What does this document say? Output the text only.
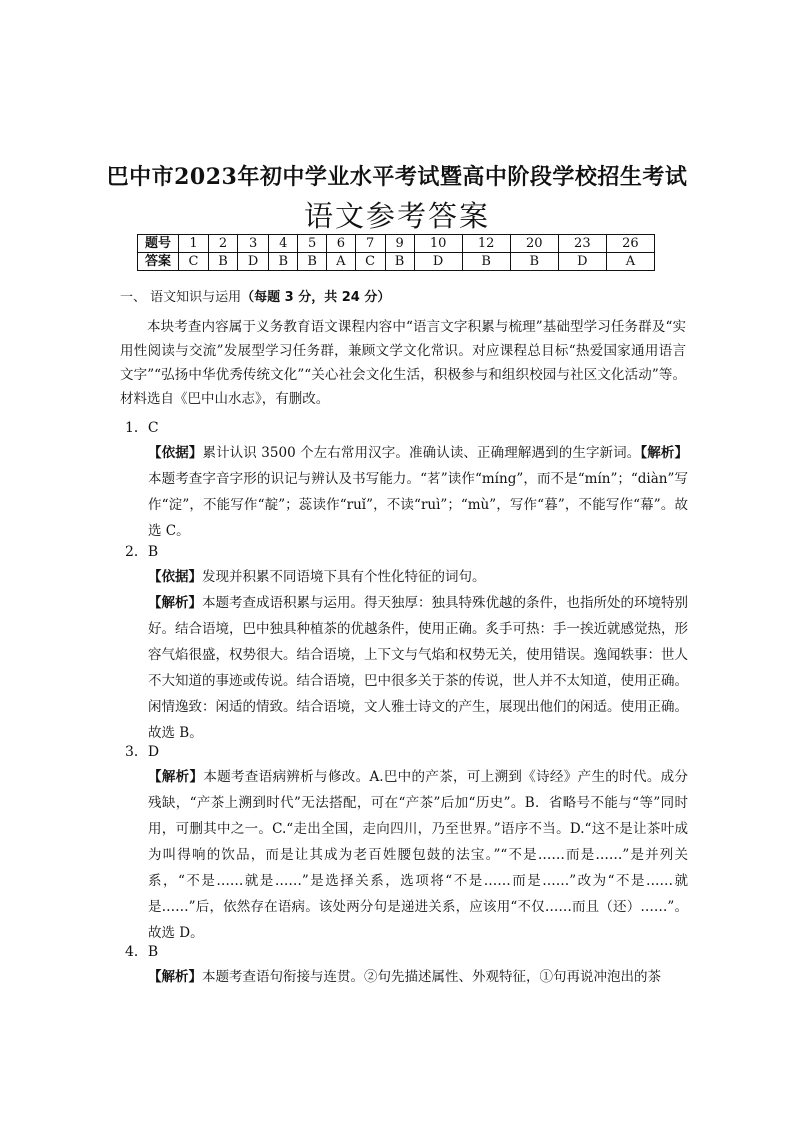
巴中市2023年初中学业水平考试暨高中阶段学校招生考试
语文参考答案
题号	1	2	3	4	5	6	7	9	10	12	20	23	26
答案	C	B	D	B	B	A	C	B	D	B	B	D	A
一、 语文知识与运用（每题 3 分，共 24 分）
本块考查内容属于义务教育语文课程内容中“语言文字积累与梳理”基础型学习任务群及“实用性阅读与交流”发展型学习任务群，兼顾文学文化常识。对应课程总目标“热爱国家通用语言文字”“弘扬中华优秀传统文化”“关心社会文化生活，积极参与和组织校园与社区文化活动”等。材料选自《巴中山水志》，有删改。
1．C
【依据】累计认识 3500 个左右常用汉字。准确认读、正确理解遇到的生字新词。【解析】本题考查字音字形的识记与辨认及书写能力。“茗”读作“míng”，而不是“mín”；“diàn”写作“淀”，不能写作“靛”；蕊读作“ruǐ”，不读“ruì”；“mù”，写作“暮”，不能写作“幕”。故选 C。
2．B
【依据】发现并积累不同语境下具有个性化特征的词句。
【解析】本题考查成语积累与运用。得天独厚：独具特殊优越的条件，也指所处的环境特别好。结合语境，巴中独具种植茶的优越条件，使用正确。炙手可热：手一挨近就感觉热，形容气焰很盛，权势很大。结合语境，上下文与气焰和权势无关，使用错误。逸闻轶事：世人不大知道的事迹或传说。结合语境，巴中很多关于茶的传说，世人并不太知道，使用正确。闲情逸致：闲适的情致。结合语境，文人雅士诗文的产生，展现出他们的闲适。使用正确。故选 B。
3．D
【解析】本题考查语病辨析与修改。A.巴中的产茶，可上溯到《诗经》产生的时代。成分残缺，“产茶上溯到时代”无法搭配，可在“产茶”后加“历史”。B．省略号不能与“等”同时用，可删其中之一。C.“走出全国，走向四川，乃至世界。”语序不当。D.“这不是让茶叶成为叫得响的饮品，而是让其成为老百姓腰包鼓的法宝。”“不是……而是……”是并列关系，“不是……就是……”是选择关系，选项将“不是……而是……”改为“不是……就是……”后，依然存在语病。该处两分句是递进关系，应该用“不仅……而且（还）……”。故选 D。
4．B
【解析】本题考查语句衔接与连贯。②句先描述属性、外观特征，①句再说冲泡出的茶
